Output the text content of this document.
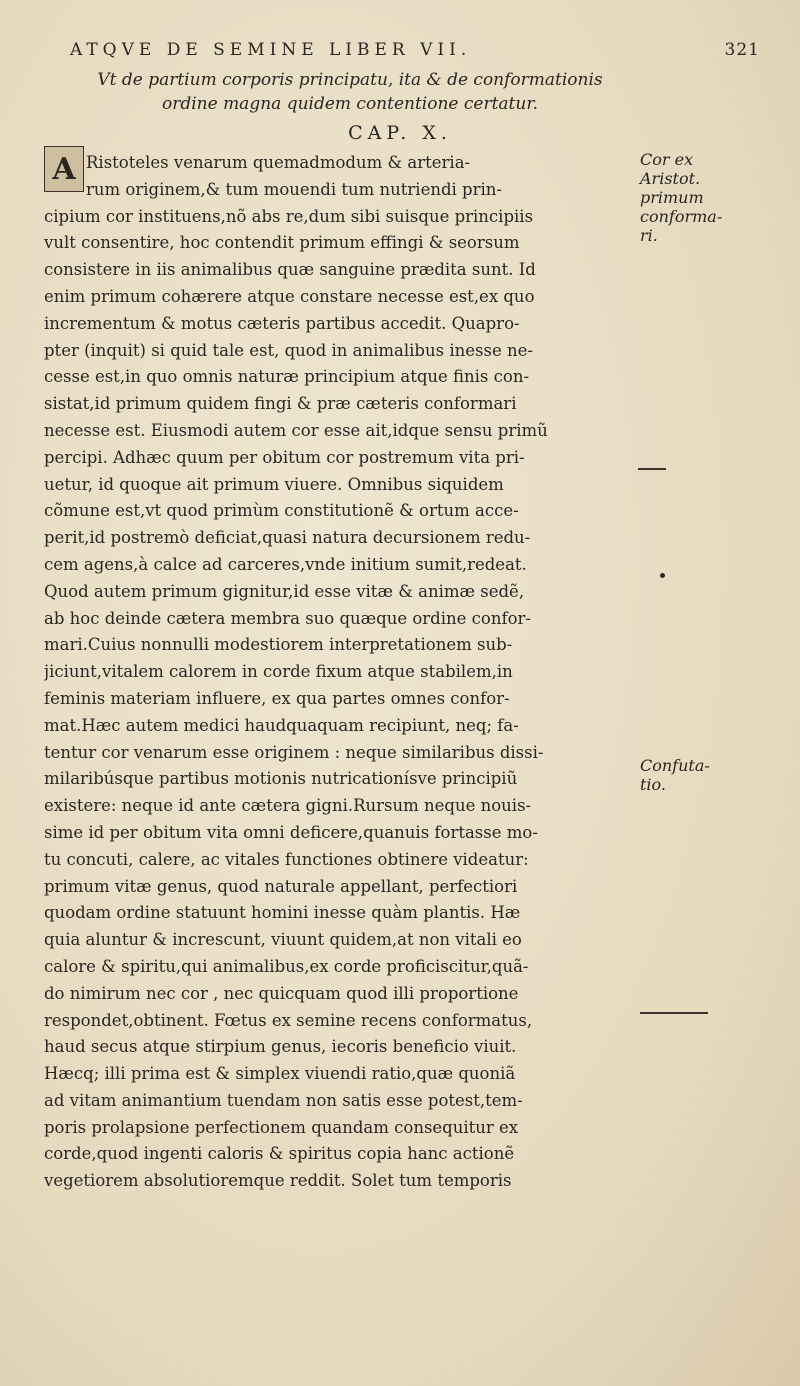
ATQVE DE SEMINE LIBER VII.	321
Vt de partium corporis principatu, ita & de conformationis
ordine magna quidem contentione certatur.
CAP. X.
A Ristoteles venarum quemadmodum & arteria-
rum originem,& tum mouendi tum nutriendi prin-
cipium cor instituens,nõ abs re,dum sibi suisque principiis
vult consentire, hoc contendit primum effingi & seorsum
consistere in iis animalibus quæ sanguine prædita sunt. Id
enim primum cohærere atque constare necesse est,ex quo
incrementum & motus cæteris partibus accedit. Quapro-
pter (inquit) si quid tale est, quod in animalibus inesse ne-
cesse est,in quo omnis naturæ principium atque finis con-
sistat,id primum quidem fingi & præ cæteris conformari
necesse est. Eiusmodi autem cor esse ait,idque sensu primũ
percipi. Adhæc quum per obitum cor postremum vita pri-
uetur, id quoque ait primum viuere. Omnibus siquidem
cõmune est,vt quod primùm constitutionẽ & ortum acce-
perit,id postremò deficiat,quasi natura decursionem redu-
cem agens,à calce ad carceres,vnde initium sumit,redeat.
Quod autem primum gignitur,id esse vitæ & animæ sedẽ,
ab hoc deinde cætera membra suo quæque ordine confor-
mari.Cuius nonnulli modestiorem interpretationem sub-
jiciunt,vitalem calorem in corde fixum atque stabilem,in
feminis materiam influere, ex qua partes omnes confor-
mat.Hæc autem medici haudquaquam recipiunt, neq; fa-
tentur cor venarum esse originem : neque similaribus dissi-
milaribúsque partibus motionis nutricationísve principiũ
existere: neque id ante cætera gigni.Rursum neque nouis-
sime id per obitum vita omni deficere,quanuis fortasse mo-
tu concuti, calere, ac vitales functiones obtinere videatur:
primum vitæ genus, quod naturale appellant, perfectiori
quodam ordine statuunt homini inesse quàm plantis. Hæ
quia aluntur & increscunt, viuunt quidem,at non vitali eo
calore & spiritu,qui animalibus,ex corde proficiscitur,quã-
do nimirum nec cor , nec quicquam quod illi proportione
respondet,obtinent. Fœtus ex semine recens conformatus,
haud secus atque stirpium genus, iecoris beneficio viuit.
Hæcq; illi prima est & simplex viuendi ratio,quæ quoniã
ad vitam animantium tuendam non satis esse potest,tem-
poris prolapsione perfectionem quandam consequitur ex
corde,quod ingenti caloris & spiritus copia hanc actionẽ
vegetiorem absolutioremque reddit. Solet tum temporis
Cor ex
Aristot.
primum
conforma-
ri.
Confuta-
tio.
